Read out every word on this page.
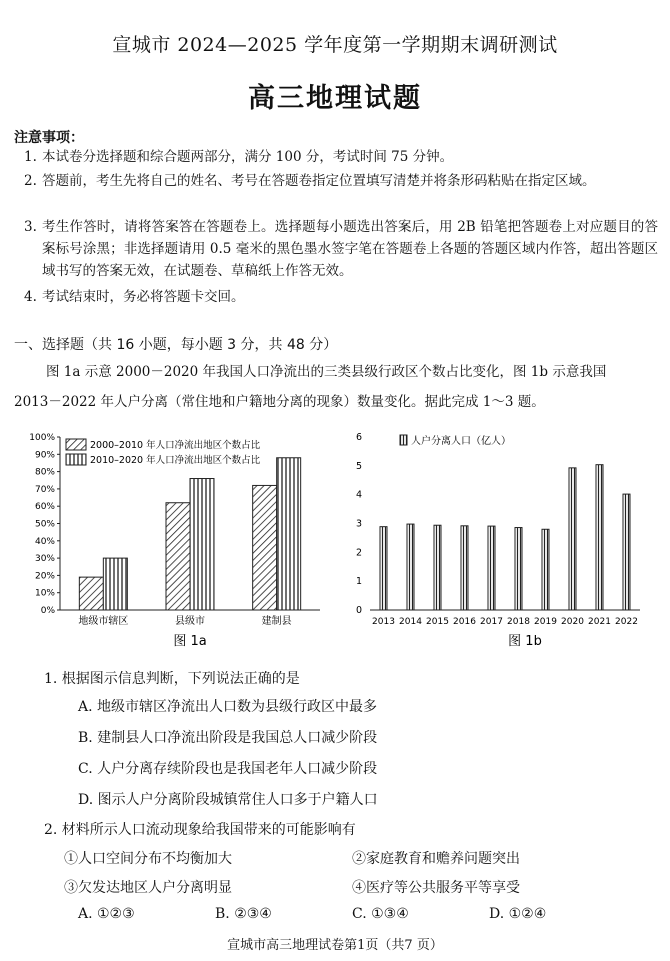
宣城市 2024—2025 学年度第一学期期末调研测试
高三地理试题
注意事项：
1. 本试卷分选择题和综合题两部分，满分 100 分，考试时间 75 分钟。
2. 答题前，考生先将自己的姓名、考号在答题卷指定位置填写清楚并将条形码粘贴在指定区域。
3. 考生作答时，请将答案答在答题卷上。选择题每小题选出答案后，用 2B 铅笔把答题卷上对应题目的答案标号涂黑；非选择题请用 0.5 毫米的黑色墨水签字笔在答题卷上各题的答题区域内作答，超出答题区域书写的答案无效，在试题卷、草稿纸上作答无效。
4. 考试结束时，务必将答题卡交回。
一、选择题（共 16 小题，每小题 3 分，共 48 分）
图 1a 示意 2000－2020 年我国人口净流出的三类县级行政区个数占比变化，图 1b 示意我国
2013－2022 年人户分离（常住地和户籍地分离的现象）数量变化。据此完成 1～3 题。
0%
10%
20%
30%
40%
50%
60%
70%
80%
90%
100%
地级市辖区	县级市	建制县
2000–2010 年人口净流出地区个数占比
2010–2020 年人口净流出地区个数占比
图 1a
0
1
2
3
4
5
6
2013 2014 2015 2016 2017 2018 2019 2020 2021 2022
人户分离人口（亿人）
图 1b
1. 根据图示信息判断，下列说法正确的是
A. 地级市辖区净流出人口数为县级行政区中最多
B. 建制县人口净流出阶段是我国总人口减少阶段
C. 人户分离存续阶段也是我国老年人口减少阶段
D. 图示人户分离阶段城镇常住人口多于户籍人口
2. 材料所示人口流动现象给我国带来的可能影响有
①人口空间分布不均衡加大	②家庭教育和赡养问题突出
③欠发达地区人户分离明显	④医疗等公共服务平等享受
A. ①②③	B. ②③④	C. ①③④	D. ①②④
宣城市高三地理试卷第1页（共7 页）
